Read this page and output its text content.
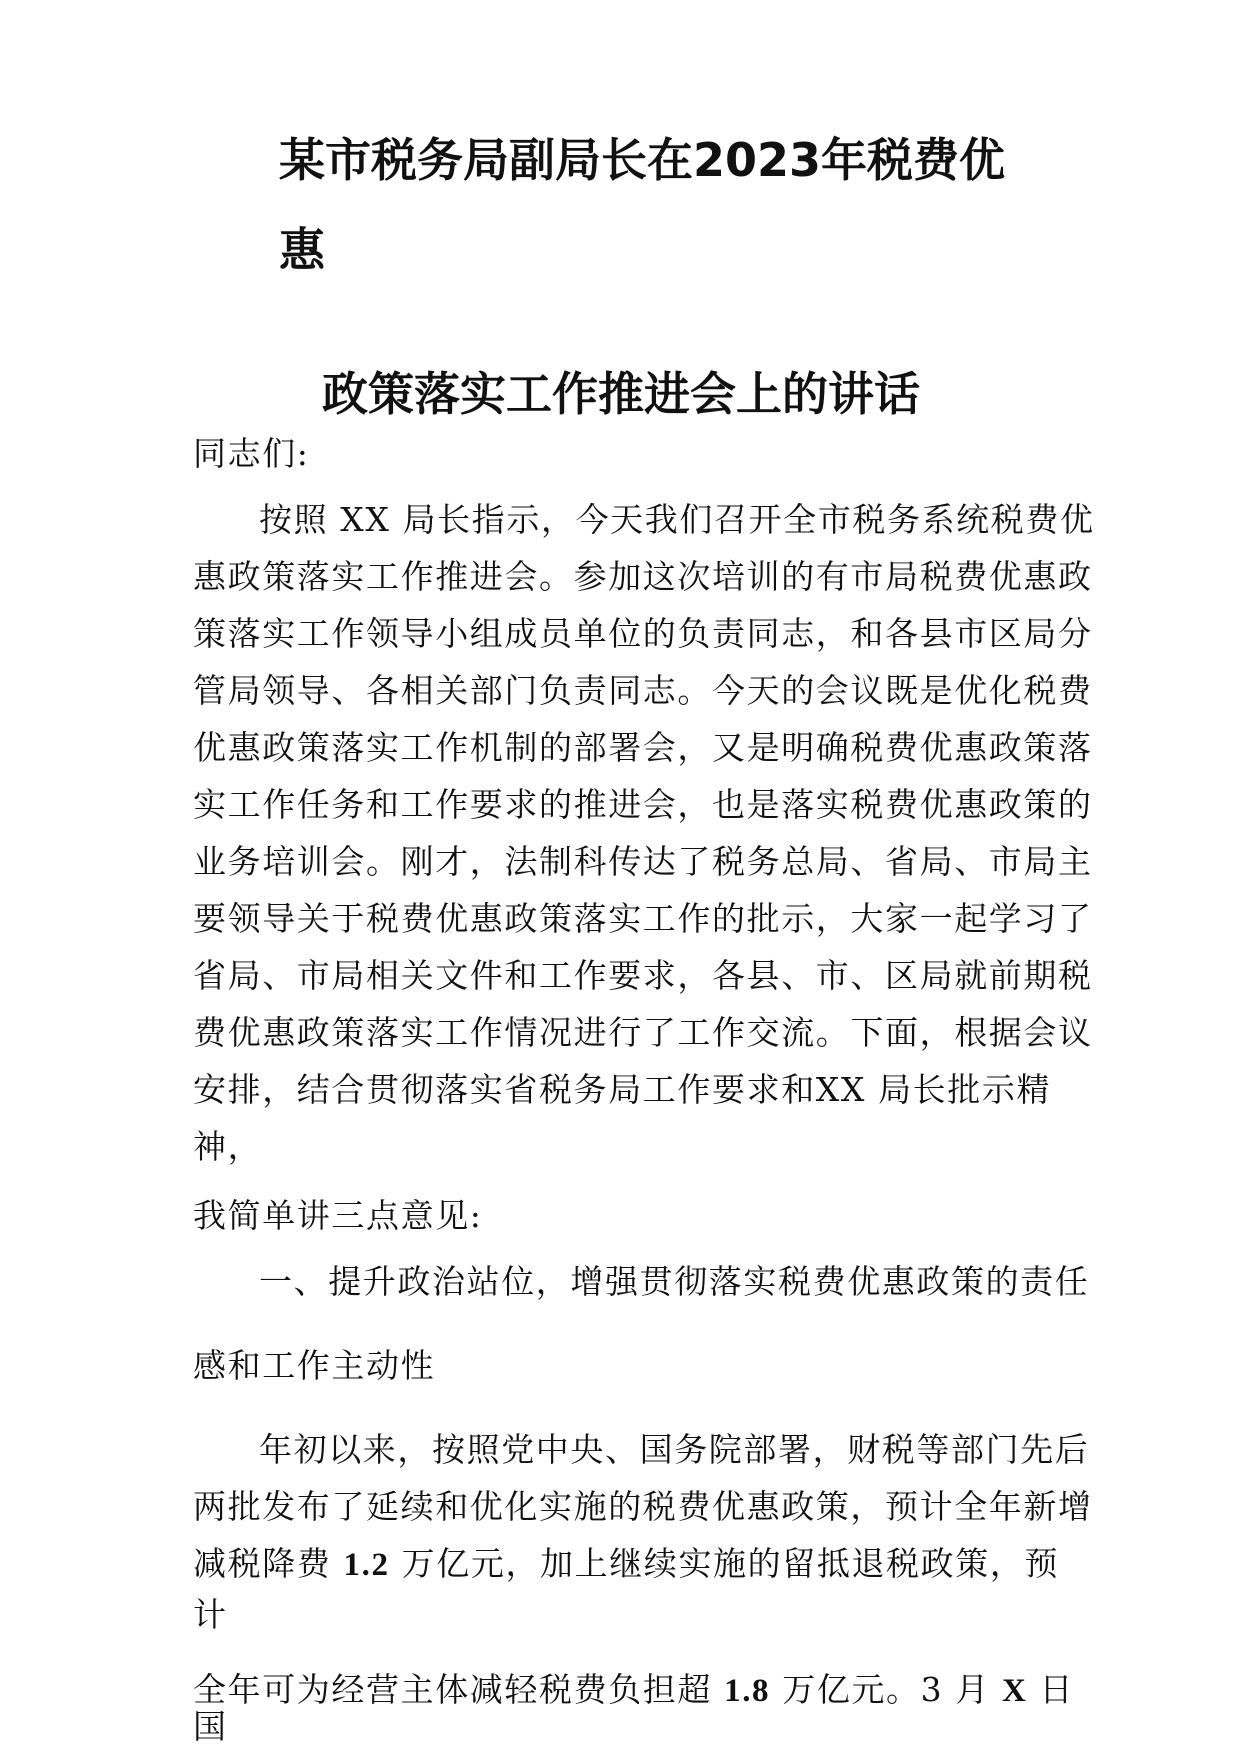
某市税务局副局长在2023年税费优
惠
政策落实工作推进会上的讲话

同志们:

按照 XX 局长指示，今天我们召开全市税务系统税费优

惠政策落实工作推进会。参加这次培训的有市局税费优惠政

策落实工作领导小组成员单位的负责同志，和各县市区局分

管局领导、各相关部门负责同志。今天的会议既是优化税费

优惠政策落实工作机制的部署会，又是明确税费优惠政策落

实工作任务和工作要求的推进会，也是落实税费优惠政策的

业务培训会。刚才，法制科传达了税务总局、省局、市局主

要领导关于税费优惠政策落实工作的批示，大家一起学习了

省局、市局相关文件和工作要求，各县、市、区局就前期税

费优惠政策落实工作情况进行了工作交流。下面，根据会议

安排，结合贯彻落实省税务局工作要求和XX 局长批示精

神，

我简单讲三点意见:

一、提升政治站位，增强贯彻落实税费优惠政策的责任

感和工作主动性

年初以来，按照党中央、国务院部署，财税等部门先后

两批发布了延续和优化实施的税费优惠政策，预计全年新增

减税降费 1.2 万亿元，加上继续实施的留抵退税政策，预

计

全年可为经营主体减轻税费负担超 1.8 万亿元。3 月 X 日

国
